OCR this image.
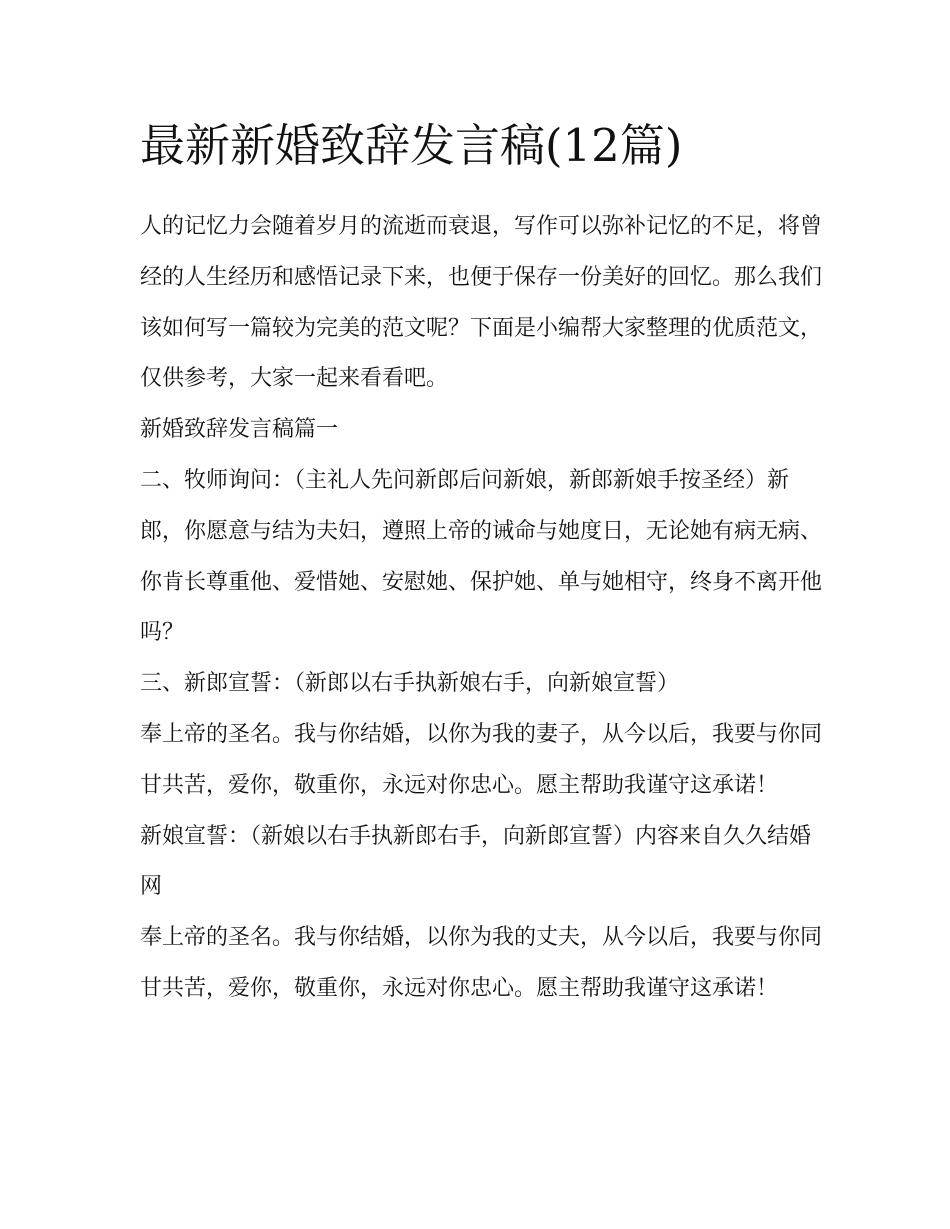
最新新婚致辞发言稿(12篇)

人的记忆力会随着岁月的流逝而衰退，写作可以弥补记忆的不足，将曾经的人生经历和感悟记录下来，也便于保存一份美好的回忆。那么我们该如何写一篇较为完美的范文呢？下面是小编帮大家整理的优质范文，仅供参考，大家一起来看看吧。

新婚致辞发言稿篇一

二、牧师询问：（主礼人先问新郎后问新娘，新郎新娘手按圣经）新郎，你愿意与结为夫妇，遵照上帝的诫命与她度日，无论她有病无病、你肯长尊重他、爱惜她、安慰她、保护她、单与她相守，终身不离开他吗？

三、新郎宣誓：（新郎以右手执新娘右手，向新娘宣誓）

奉上帝的圣名。我与你结婚，以你为我的妻子，从今以后，我要与你同甘共苦，爱你，敬重你，永远对你忠心。愿主帮助我谨守这承诺！

新娘宣誓：（新娘以右手执新郎右手，向新郎宣誓）内容来自久久结婚网

奉上帝的圣名。我与你结婚，以你为我的丈夫，从今以后，我要与你同甘共苦，爱你，敬重你，永远对你忠心。愿主帮助我谨守这承诺！
